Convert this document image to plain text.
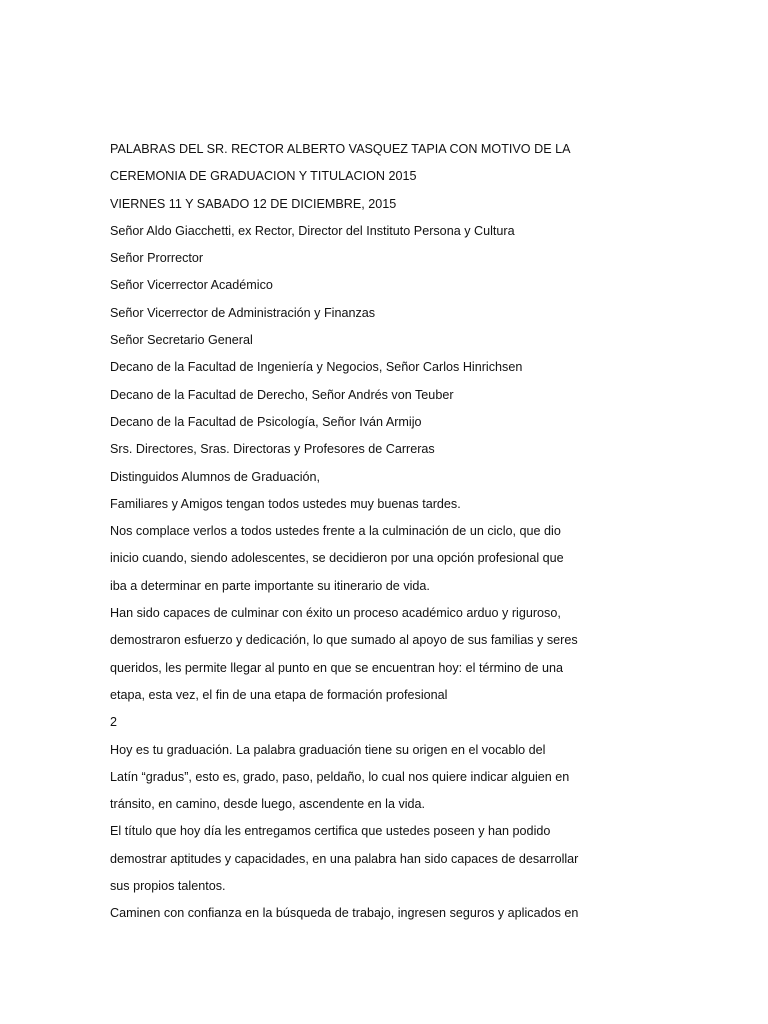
PALABRAS DEL SR. RECTOR ALBERTO VASQUEZ TAPIA CON MOTIVO DE LA
CEREMONIA DE GRADUACION Y TITULACION 2015
VIERNES 11 Y SABADO 12 DE DICIEMBRE, 2015
Señor Aldo Giacchetti, ex Rector, Director del Instituto Persona y Cultura
Señor Prorrector
Señor Vicerrector Académico
Señor Vicerrector de Administración y Finanzas
Señor Secretario General
Decano de la Facultad de Ingeniería y Negocios, Señor Carlos Hinrichsen
Decano de la Facultad de Derecho, Señor Andrés von Teuber
Decano de la Facultad de Psicología, Señor Iván Armijo
Srs. Directores, Sras. Directoras y Profesores de Carreras
Distinguidos Alumnos de Graduación,
Familiares y Amigos tengan todos ustedes muy buenas tardes.
Nos complace verlos a todos ustedes frente a la culminación de un ciclo, que dio
inicio cuando, siendo adolescentes, se decidieron por una opción profesional que
iba a determinar en parte importante su itinerario de vida.
Han sido capaces de culminar con éxito un proceso académico arduo y riguroso,
demostraron esfuerzo y dedicación, lo que sumado al apoyo de sus familias y seres
queridos, les permite llegar al punto en que se encuentran hoy: el término de una
etapa, esta vez, el fin de una etapa de formación profesional
2
Hoy es tu graduación. La palabra graduación tiene su origen en el vocablo del
Latín “gradus”, esto es, grado, paso, peldaño, lo cual nos quiere indicar alguien en
tránsito, en camino, desde luego, ascendente en la vida.
El título que hoy día les entregamos certifica que ustedes poseen y han podido
demostrar aptitudes y capacidades, en una palabra han sido capaces de desarrollar
sus propios talentos.
Caminen con confianza en la búsqueda de trabajo, ingresen seguros y aplicados en
